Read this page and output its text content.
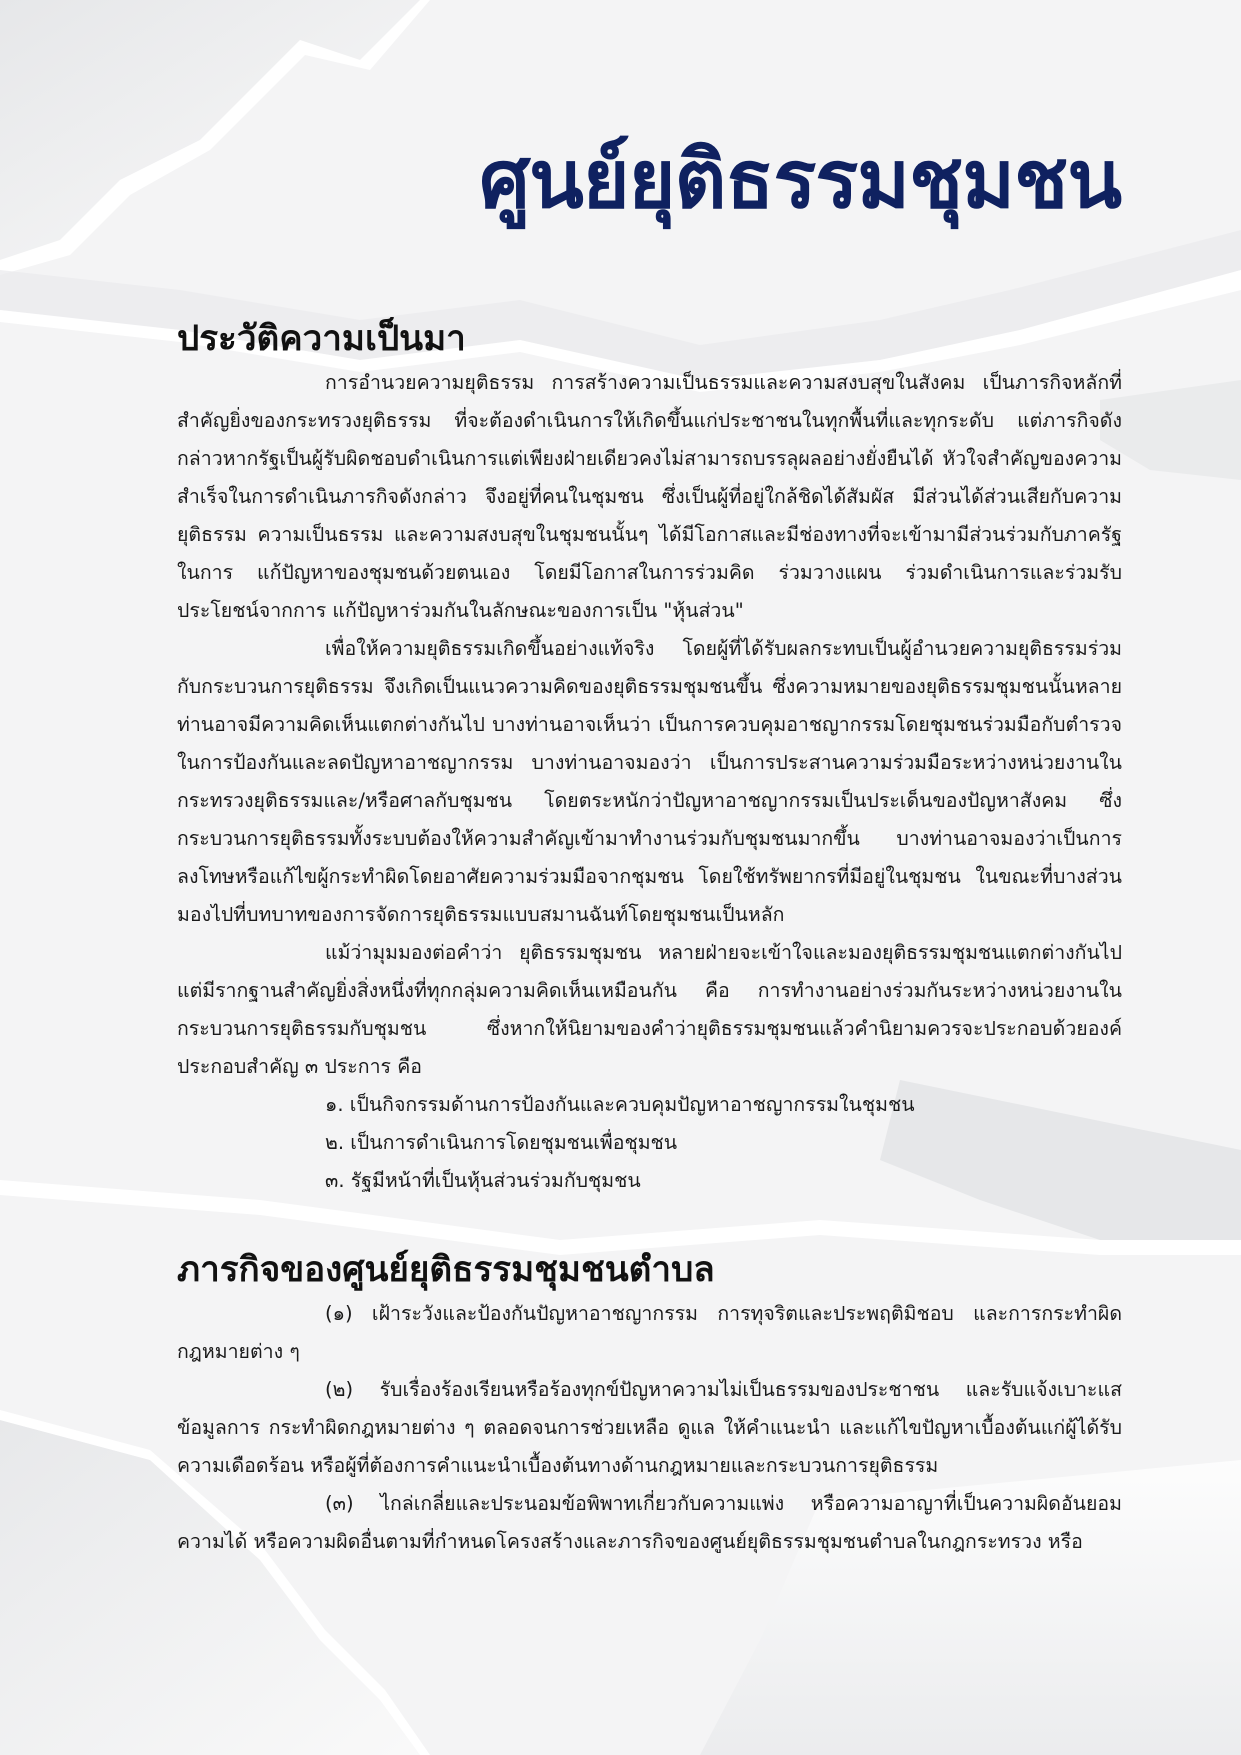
ศูนย์ยุติธรรมชุมชน
ประวัติความเป็นมา

การอำนวยความยุติธรรม การสร้างความเป็นธรรมและความสงบสุขในสังคม เป็นภารกิจหลักที่สำคัญยิ่งของกระทรวงยุติธรรม ที่จะต้องดำเนินการให้เกิดขึ้นแก่ประชาชนในทุกพื้นที่และทุกระดับ แต่ภารกิจดังกล่าวหากรัฐเป็นผู้รับผิดชอบดำเนินการแต่เพียงฝ่ายเดียวคงไม่สามารถบรรลุผลอย่างยั่งยืนได้ หัวใจสำคัญของความสำเร็จในการดำเนินภารกิจดังกล่าว จึงอยู่ที่คนในชุมชน ซึ่งเป็นผู้ที่อยู่ใกล้ชิดได้สัมผัส มีส่วนได้ส่วนเสียกับความยุติธรรม ความเป็นธรรม และความสงบสุขในชุมชนนั้นๆ ได้มีโอกาสและมีช่องทางที่จะเข้ามามีส่วนร่วมกับภาครัฐในการ แก้ปัญหาของชุมชนด้วยตนเอง โดยมีโอกาสในการร่วมคิด ร่วมวางแผน ร่วมดำเนินการและร่วมรับประโยชน์จากการ แก้ปัญหาร่วมกันในลักษณะของการเป็น "หุ้นส่วน"

เพื่อให้ความยุติธรรมเกิดขึ้นอย่างแท้จริง โดยผู้ที่ได้รับผลกระทบเป็นผู้อำนวยความยุติธรรมร่วมกับกระบวนการยุติธรรม จึงเกิดเป็นแนวความคิดของยุติธรรมชุมชนขึ้น ซึ่งความหมายของยุติธรรมชุมชนนั้นหลายท่านอาจมีความคิดเห็นแตกต่างกันไป บางท่านอาจเห็นว่า เป็นการควบคุมอาชญากรรมโดยชุมชนร่วมมือกับตำรวจในการป้องกันและลดปัญหาอาชญากรรม บางท่านอาจมองว่า เป็นการประสานความร่วมมือระหว่างหน่วยงานในกระทรวงยุติธรรมและ/หรือศาลกับชุมชน โดยตระหนักว่าปัญหาอาชญากรรมเป็นประเด็นของปัญหาสังคม ซึ่งกระบวนการยุติธรรมทั้งระบบต้องให้ความสำคัญเข้ามาทำงานร่วมกับชุมชนมากขึ้น บางท่านอาจมองว่าเป็นการลงโทษหรือแก้ไขผู้กระทำผิดโดยอาศัยความร่วมมือจากชุมชน โดยใช้ทรัพยากรที่มีอยู่ในชุมชน ในขณะที่บางส่วนมองไปที่บทบาทของการจัดการยุติธรรมแบบสมานฉันท์โดยชุมชนเป็นหลัก

แม้ว่ามุมมองต่อคำว่า ยุติธรรมชุมชน หลายฝ่ายจะเข้าใจและมองยุติธรรมชุมชนแตกต่างกันไป แต่มีรากฐานสำคัญยิ่งสิ่งหนึ่งที่ทุกกลุ่มความคิดเห็นเหมือนกัน คือ การทำงานอย่างร่วมกันระหว่างหน่วยงานในกระบวนการยุติธรรมกับชุมชน ซึ่งหากให้นิยามของคำว่ายุติธรรมชุมชนแล้วคำนิยามควรจะประกอบด้วยองค์ประกอบสำคัญ ๓ ประการ คือ

๑. เป็นกิจกรรมด้านการป้องกันและควบคุมปัญหาอาชญากรรมในชุมชน

๒. เป็นการดำเนินการโดยชุมชนเพื่อชุมชน

๓. รัฐมีหน้าที่เป็นหุ้นส่วนร่วมกับชุมชน

ภารกิจของศูนย์ยุติธรรมชุมชนตำบล

(๑) เฝ้าระวังและป้องกันปัญหาอาชญากรรม การทุจริตและประพฤติมิชอบ และการกระทำผิดกฎหมายต่าง ๆ

(๒) รับเรื่องร้องเรียนหรือร้องทุกข์ปัญหาความไม่เป็นธรรมของประชาชน และรับแจ้งเบาะแสข้อมูลการ กระทำผิดกฎหมายต่าง ๆ ตลอดจนการช่วยเหลือ ดูแล ให้คำแนะนำ และแก้ไขปัญหาเบื้องต้นแก่ผู้ได้รับความเดือดร้อน หรือผู้ที่ต้องการคำแนะนำเบื้องต้นทางด้านกฎหมายและกระบวนการยุติธรรม

(๓) ไกล่เกลี่ยและประนอมข้อพิพาทเกี่ยวกับความแพ่ง หรือความอาญาที่เป็นความผิดอันยอมความได้ หรือความผิดอื่นตามที่กำหนดโครงสร้างและภารกิจของศูนย์ยุติธรรมชุมชนตำบลในกฎกระทรวง หรือ
